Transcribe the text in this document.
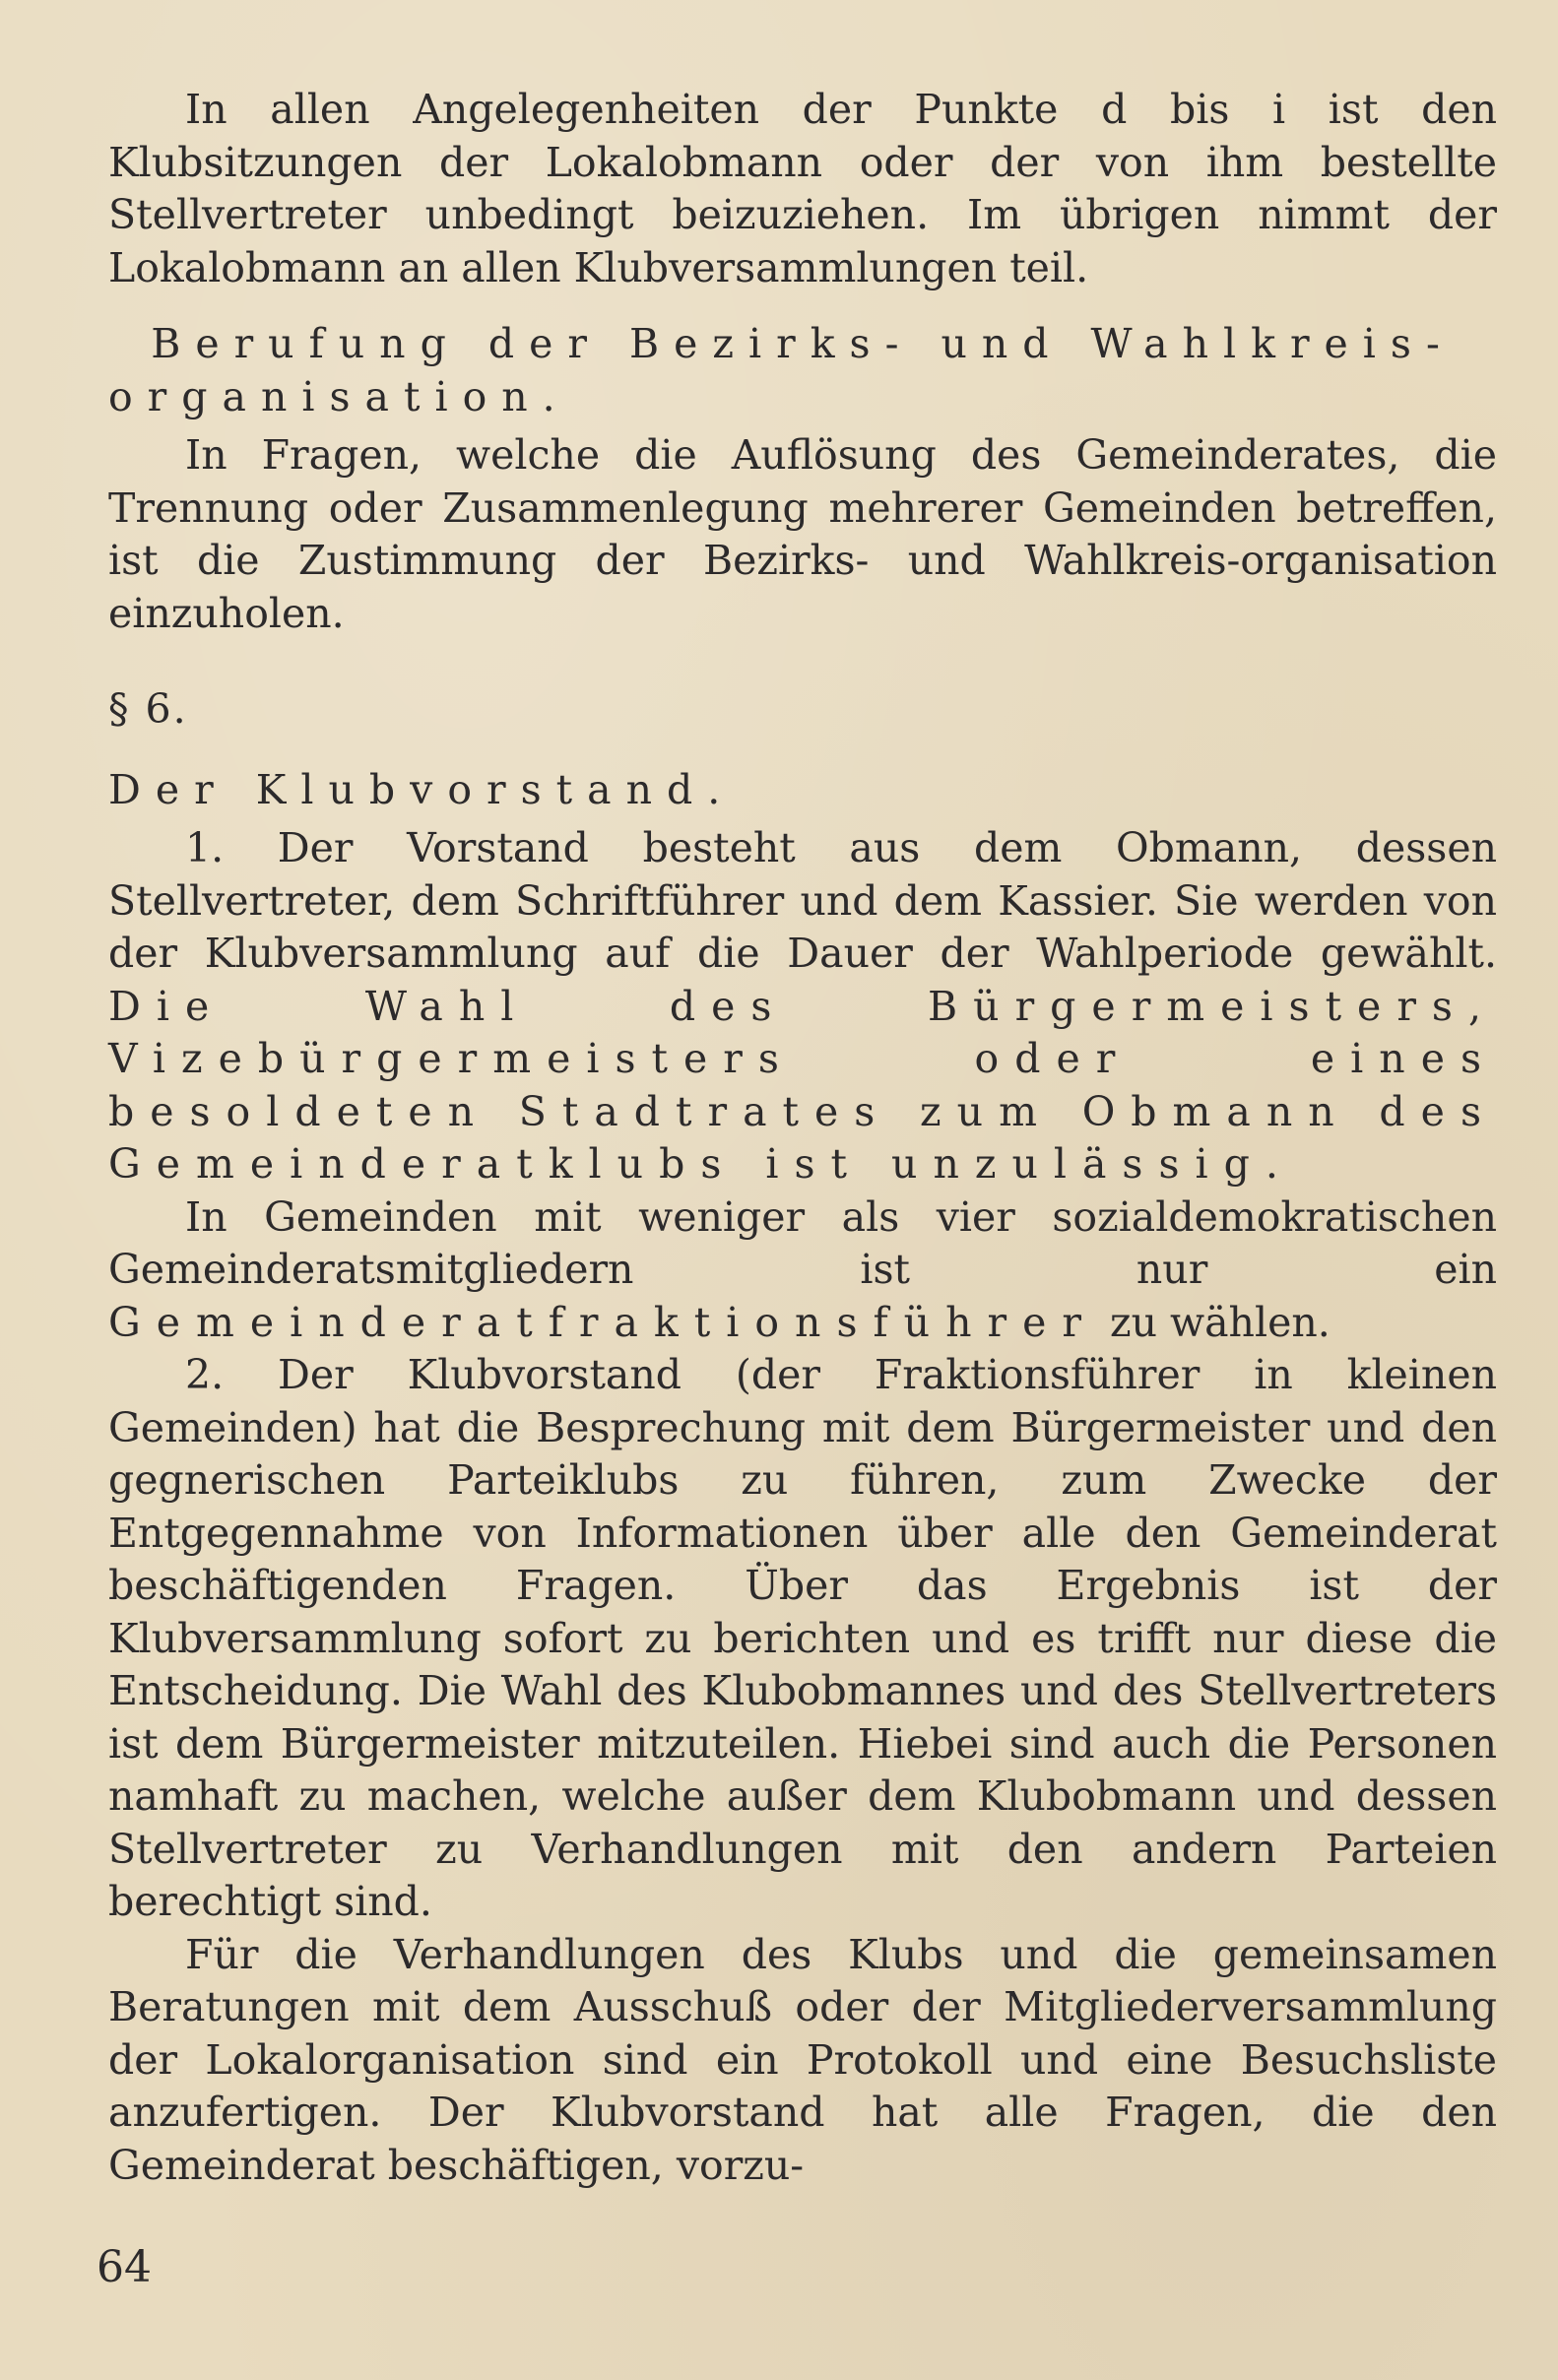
In allen Angelegenheiten der Punkte d bis i ist den Klubsitzungen der Lokalobmann oder der von ihm bestellte Stellvertreter unbedingt beizuziehen. Im übrigen nimmt der Lokalobmann an allen Klubversammlungen teil.

Berufung der Bezirks- und Wahlkreis-organisation.

In Fragen, welche die Auflösung des Gemeinderates, die Trennung oder Zusammenlegung mehrerer Gemeinden betreffen, ist die Zustimmung der Bezirks- und Wahlkreis-organisation einzuholen.

§ 6.

Der Klubvorstand.

1. Der Vorstand besteht aus dem Obmann, dessen Stellvertreter, dem Schriftführer und dem Kassier. Sie werden von der Klubversammlung auf die Dauer der Wahlperiode gewählt. Die Wahl des Bürgermeisters, Vizebürgermeisters oder eines besoldeten Stadtrates zum Obmann des Gemeinderatklubs ist unzulässig.

In Gemeinden mit weniger als vier sozialdemokratischen Gemeinderatsmitgliedern ist nur ein Gemeinderatfraktionsführer zu wählen.

2. Der Klubvorstand (der Fraktionsführer in kleinen Gemeinden) hat die Besprechung mit dem Bürgermeister und den gegnerischen Parteiklubs zu führen, zum Zwecke der Entgegennahme von Informationen über alle den Gemeinderat beschäftigenden Fragen. Über das Ergebnis ist der Klubversammlung sofort zu berichten und es trifft nur diese die Entscheidung. Die Wahl des Klubobmannes und des Stellvertreters ist dem Bürgermeister mitzuteilen. Hiebei sind auch die Personen namhaft zu machen, welche außer dem Klubobmann und dessen Stellvertreter zu Verhandlungen mit den andern Parteien berechtigt sind.

Für die Verhandlungen des Klubs und die gemeinsamen Beratungen mit dem Ausschuß oder der Mitgliederversammlung der Lokalorganisation sind ein Protokoll und eine Besuchsliste anzufertigen. Der Klubvorstand hat alle Fragen, die den Gemeinderat beschäftigen, vorzu-

64
